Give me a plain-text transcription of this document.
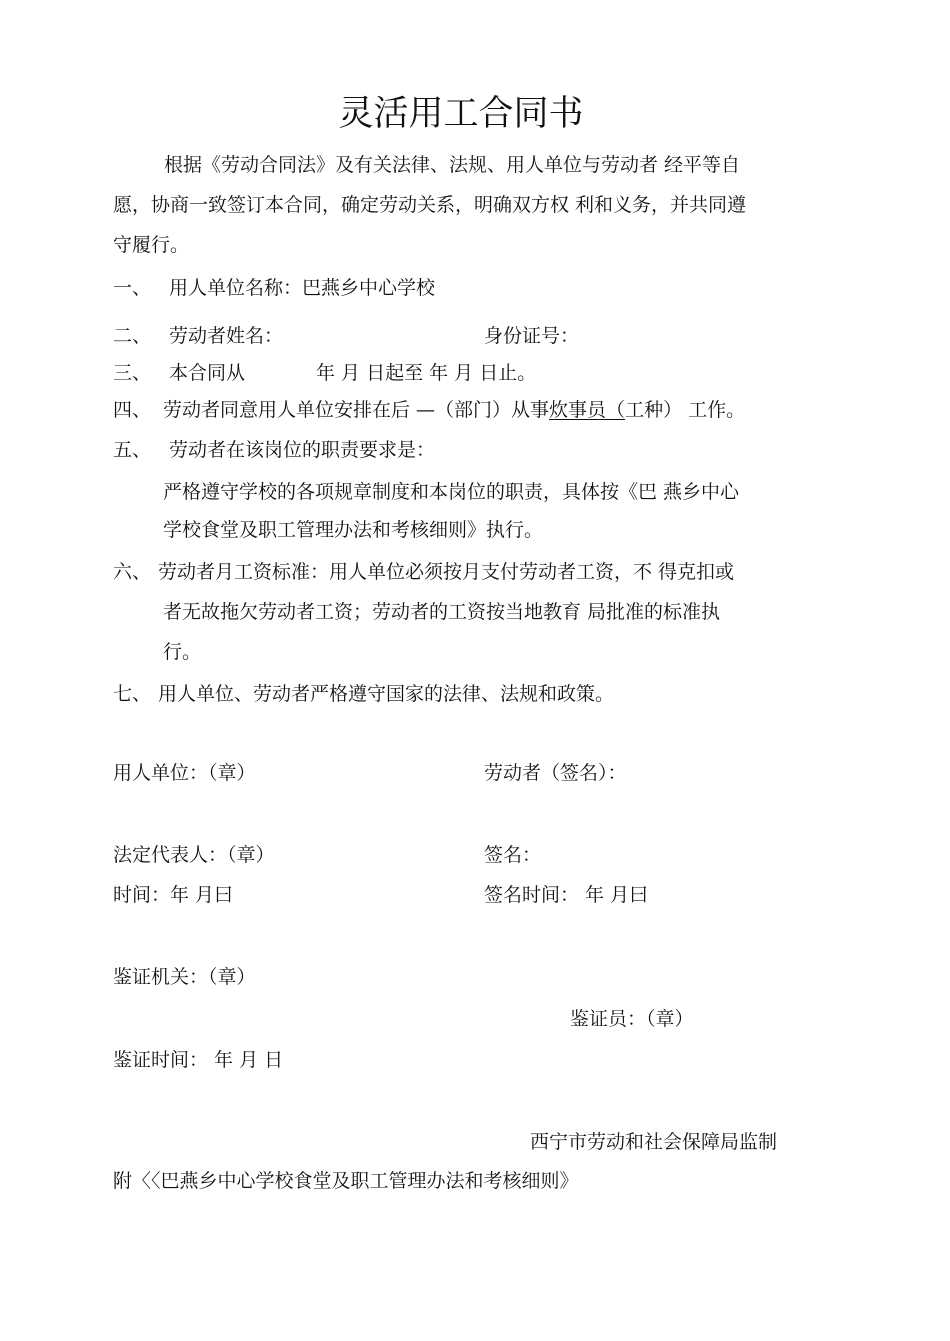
灵活用工合同书
根据《劳动合同法》及有关法律、法规、用人单位与劳动者 经平等自
愿，协商一致签订本合同，确定劳动关系，明确双方权 利和义务，并共同遵
守履行。
一、 用人单位名称：巴燕乡中心学校
二、 劳动者姓名：	身份证号：
三、 本合同从	年 月 日起至 年 月 日止。
四、 劳动者同意用人单位安排在后 —（部门）从事炊事员（工种） 工作。
五、 劳动者在该岗位的职责要求是：
严格遵守学校的各项规章制度和本岗位的职责，具体按《巴 燕乡中心
学校食堂及职工管理办法和考核细则》执行。
六、 劳动者月工资标准：用人单位必须按月支付劳动者工资，不 得克扣或
者无故拖欠劳动者工资；劳动者的工资按当地教育 局批准的标准执
行。
七、 用人单位、劳动者严格遵守国家的法律、法规和政策。
用人单位：（章）	劳动者（签名）：
法定代表人：（章）	签名：
时间：年 月曰	签名时间： 年 月曰
鉴证机关：（章）
鉴证员：（章）
鉴证时间： 年 月 日
西宁市劳动和社会保障局监制
附〈〈巴燕乡中心学校食堂及职工管理办法和考核细则》
